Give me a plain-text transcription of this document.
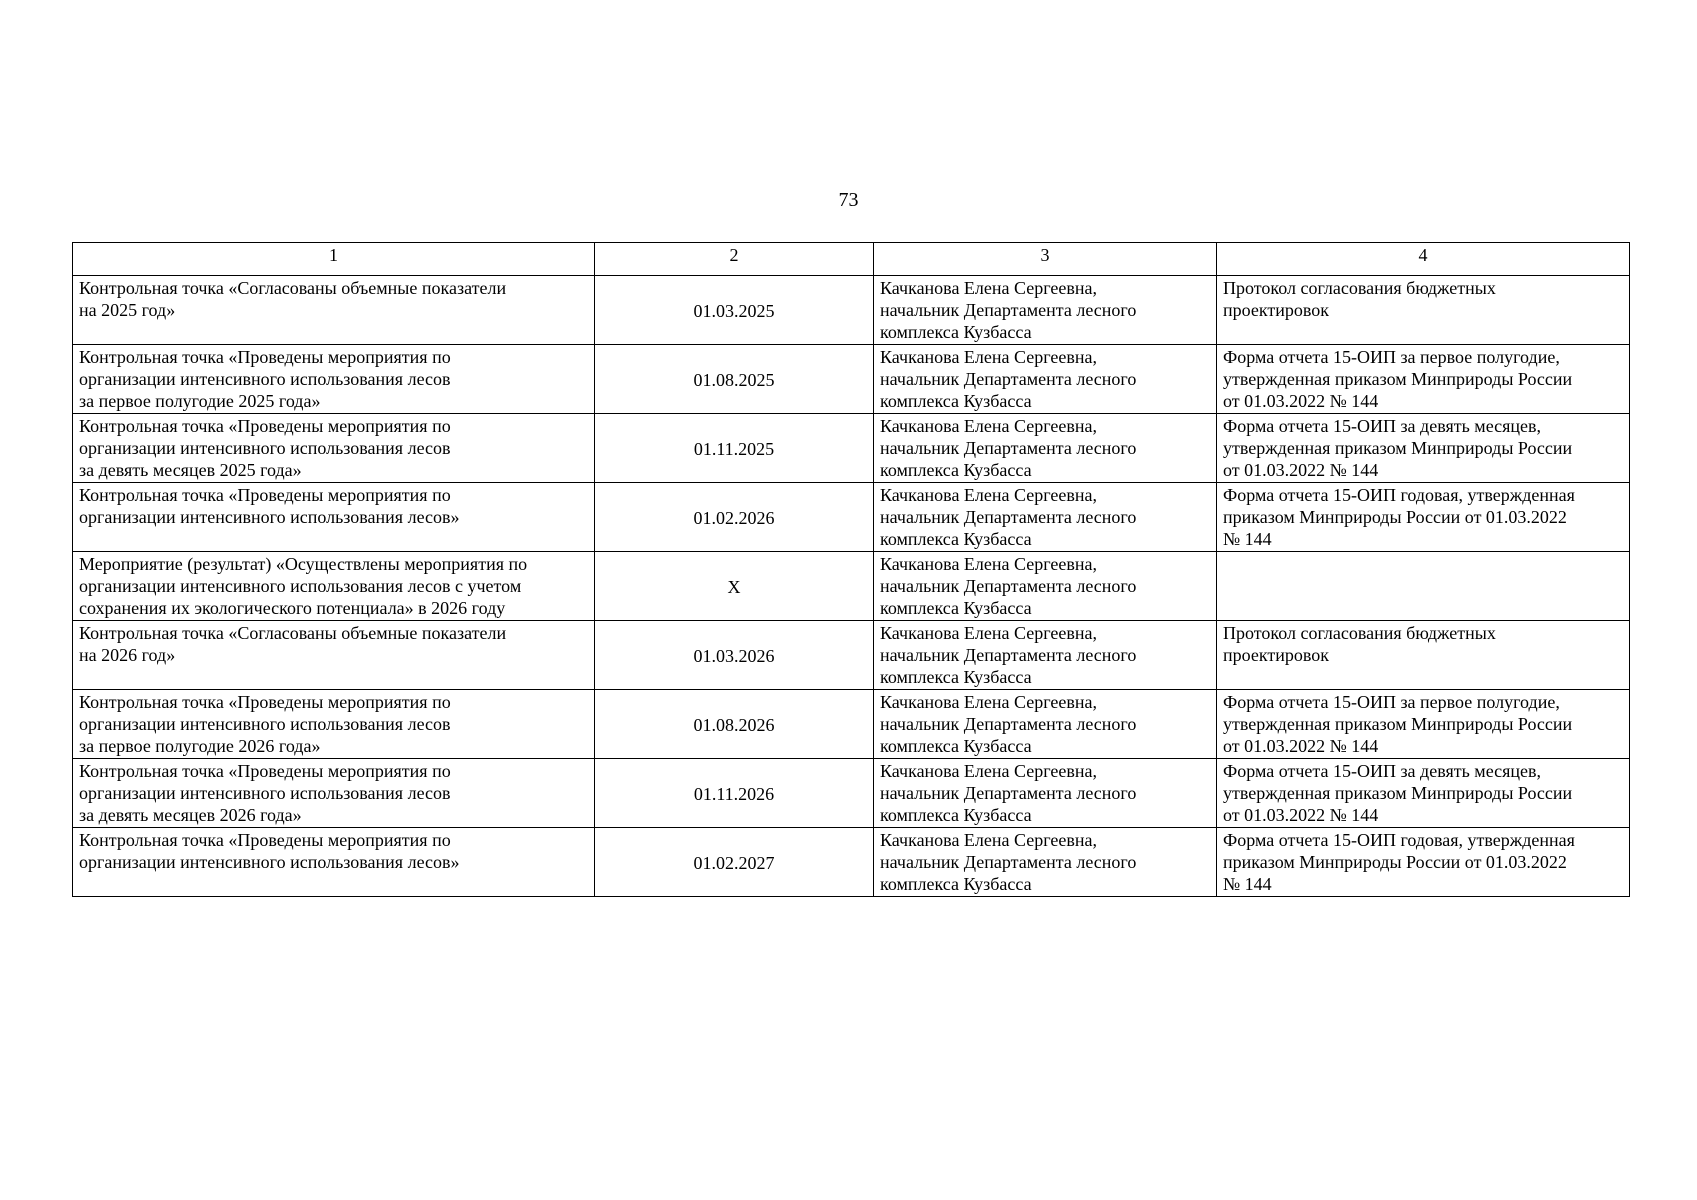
73
1	2	3	4

Контрольная точка «Согласованы объемные показатели
на 2025 год»	01.03.2025	Качканова Елена Сергеевна,
начальник Департамента лесного
комплекса Кузбасса	Протокол согласования бюджетных
проектировок

Контрольная точка «Проведены мероприятия по
организации интенсивного использования лесов
за первое полугодие 2025 года»	01.08.2025	Качканова Елена Сергеевна,
начальник Департамента лесного
комплекса Кузбасса	Форма отчета 15-ОИП за первое полугодие,
утвержденная приказом Минприроды России
от 01.03.2022 № 144

Контрольная точка «Проведены мероприятия по
организации интенсивного использования лесов
за девять месяцев 2025 года»	01.11.2025	Качканова Елена Сергеевна,
начальник Департамента лесного
комплекса Кузбасса	Форма отчета 15-ОИП за девять месяцев,
утвержденная приказом Минприроды России
от 01.03.2022 № 144

Контрольная точка «Проведены мероприятия по
организации интенсивного использования лесов»	01.02.2026	Качканова Елена Сергеевна,
начальник Департамента лесного
комплекса Кузбасса	Форма отчета 15-ОИП годовая, утвержденная
приказом Минприроды России от 01.03.2022
№ 144

Мероприятие (результат) «Осуществлены мероприятия по
организации интенсивного использования лесов с учетом
сохранения их экологического потенциала» в 2026 году	X	Качканова Елена Сергеевна,
начальник Департамента лесного
комплекса Кузбасса	

Контрольная точка «Согласованы объемные показатели
на 2026 год»	01.03.2026	Качканова Елена Сергеевна,
начальник Департамента лесного
комплекса Кузбасса	Протокол согласования бюджетных
проектировок

Контрольная точка «Проведены мероприятия по
организации интенсивного использования лесов
за первое полугодие 2026 года»	01.08.2026	Качканова Елена Сергеевна,
начальник Департамента лесного
комплекса Кузбасса	Форма отчета 15-ОИП за первое полугодие,
утвержденная приказом Минприроды России
от 01.03.2022 № 144

Контрольная точка «Проведены мероприятия по
организации интенсивного использования лесов
за девять месяцев 2026 года»	01.11.2026	Качканова Елена Сергеевна,
начальник Департамента лесного
комплекса Кузбасса	Форма отчета 15-ОИП за девять месяцев,
утвержденная приказом Минприроды России
от 01.03.2022 № 144

Контрольная точка «Проведены мероприятия по
организации интенсивного использования лесов»	01.02.2027	Качканова Елена Сергеевна,
начальник Департамента лесного
комплекса Кузбасса	Форма отчета 15-ОИП годовая, утвержденная
приказом Минприроды России от 01.03.2022
№ 144
